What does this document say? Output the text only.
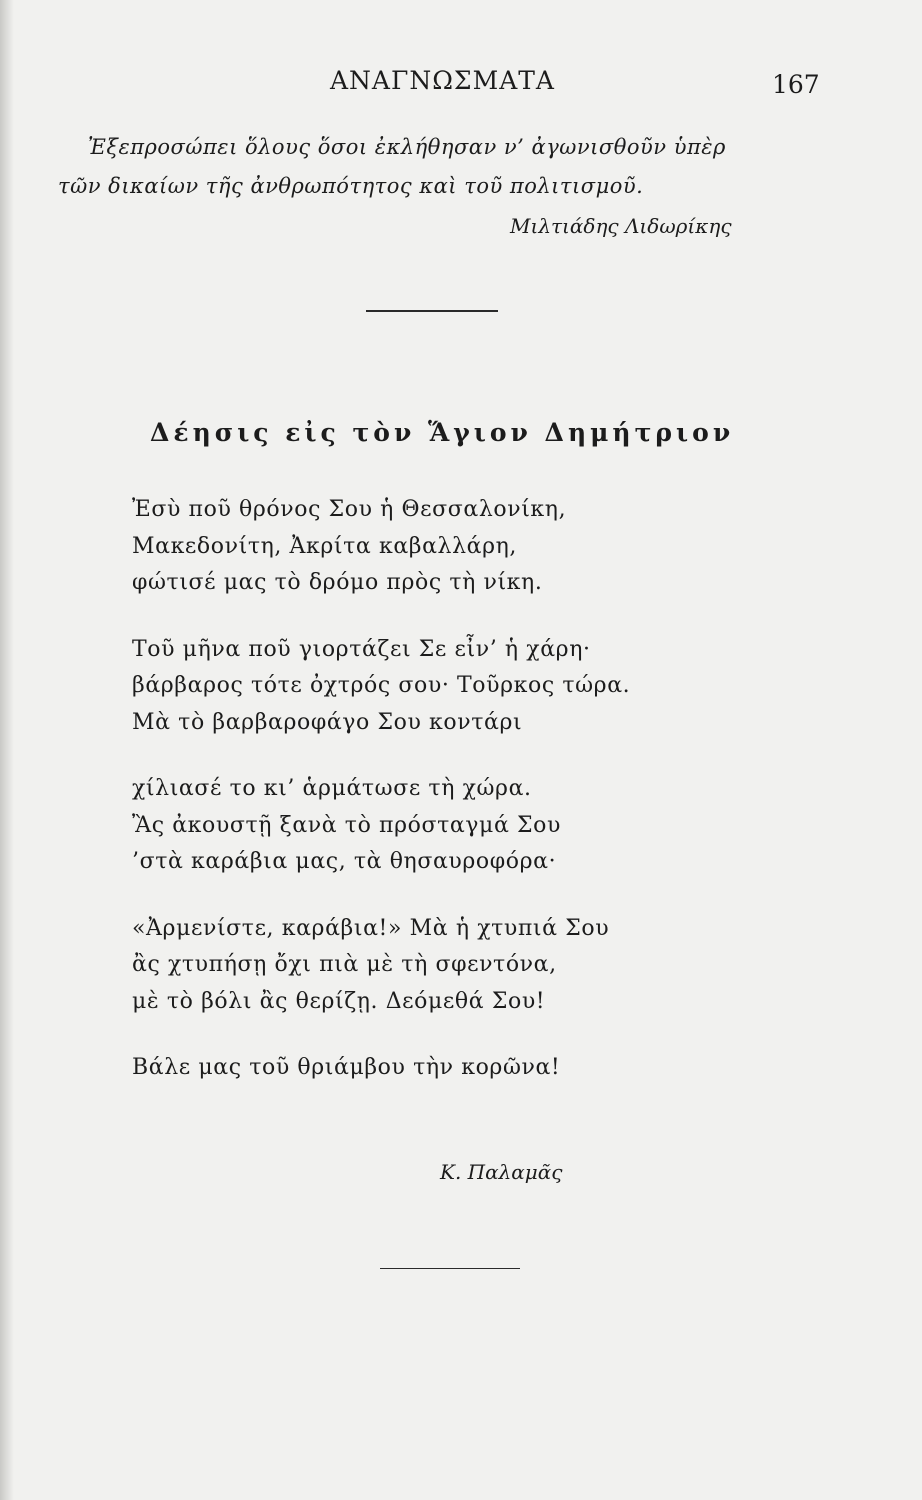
ΑΝΑΓΝΩΣΜΑΤΑ	167
Ἐξεπροσώπει ὅλους ὅσοι ἐκλήθησαν ν’ ἀγωνισθοῦν ὑπὲρ
τῶν δικαίων τῆς ἀνθρωπότητος καὶ τοῦ πολιτισμοῦ.
Μιλτιάδης Λιδωρίκης
Δέησις εἰς τὸν Ἅγιον Δημήτριον
Ἐσὺ ποῦ θρόνος Σου ἡ Θεσσαλονίκη,
Μακεδονίτη, Ἀκρίτα καβαλλάρη,
φώτισέ μας τὸ δρόμο πρὸς τὴ νίκη.
Τοῦ μῆνα ποῦ γιορτάζει Σε εἶν’ ἡ χάρη·
βάρβαρος τότε ὀχτρός σου· Τοῦρκος τώρα.
Μὰ τὸ βαρβαροφάγο Σου κοντάρι
χίλιασέ το κι’ ἁρμάτωσε τὴ χώρα.
Ἂς ἀκουστῇ ξανὰ τὸ πρόσταγμά Σου
’στὰ καράβια μας, τὰ θησαυροφόρα·
«Ἀρμενίστε, καράβια!» Μὰ ἡ χτυπιά Σου
ἂς χτυπήσῃ ὄχι πιὰ μὲ τὴ σφεντόνα,
μὲ τὸ βόλι ἂς θερίζῃ. Δεόμεθά Σου!
Βάλε μας τοῦ θριάμβου τὴν κορῶνα!
Κ. Παλαμᾶς
